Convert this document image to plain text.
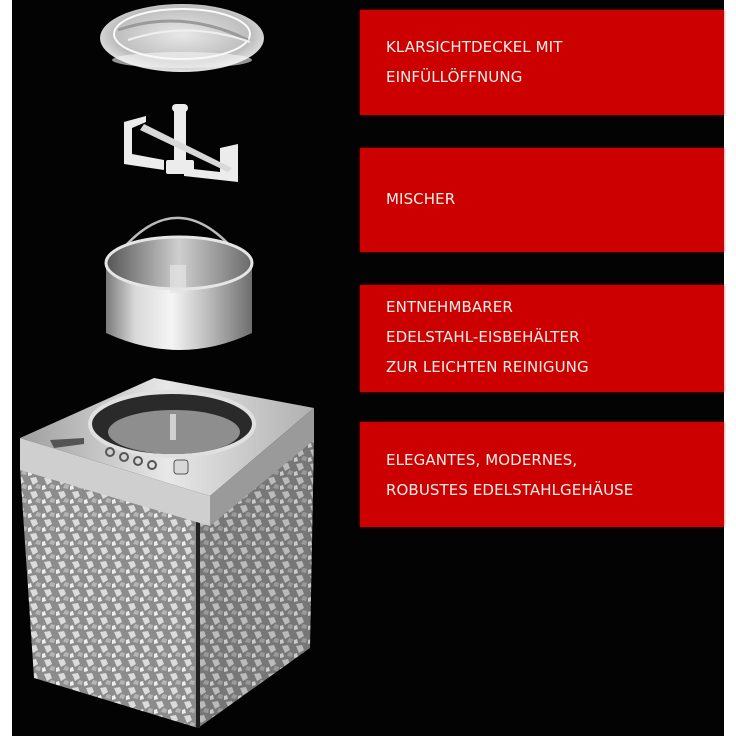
KLARSICHTDECKEL MIT
EINFÜLLÖFFNUNG
MISCHER
ENTNEHMBARER
EDELSTAHL-EISBEHÄLTER
ZUR LEICHTEN REINIGUNG
ELEGANTES, MODERNES,
ROBUSTES EDELSTAHLGEHÄUSE
